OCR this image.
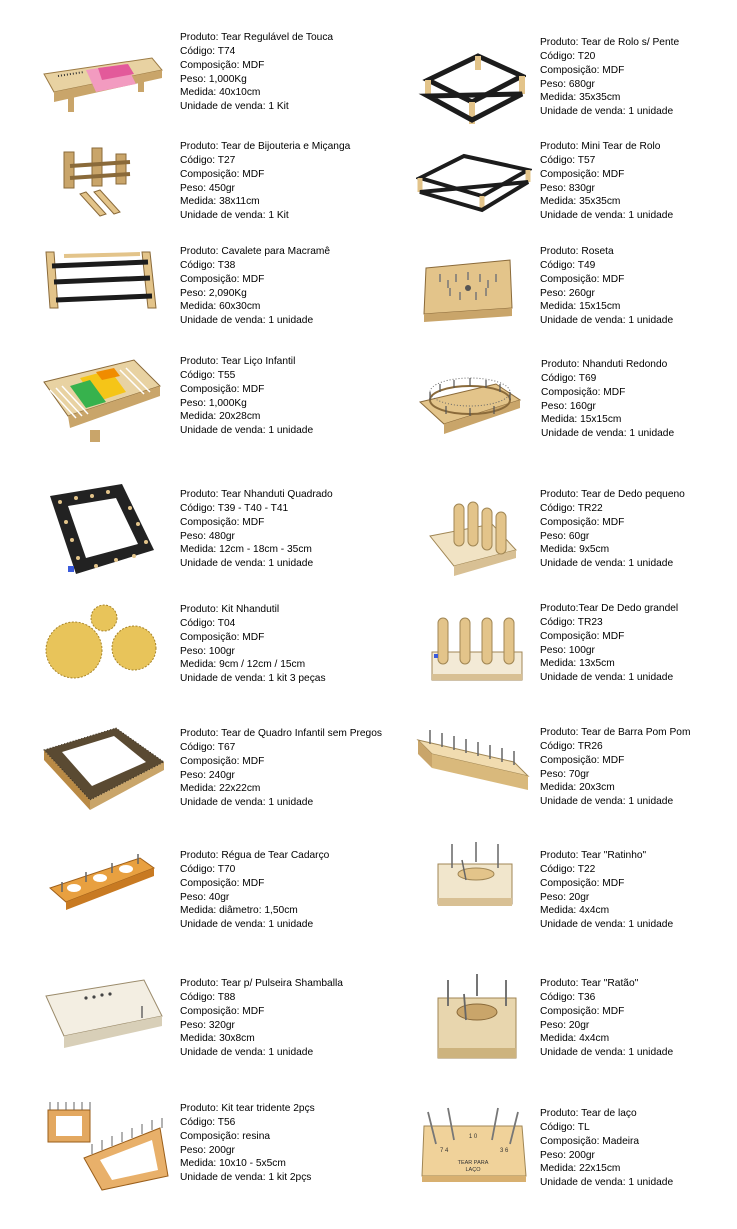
Produto: Tear Regulável de Touca
Código: T74
Composição: MDF
Peso: 1,000Kg
Medida: 40x10cm
Unidade de venda: 1 Kit
Produto: Tear de Rolo s/ Pente
Código: T20
Composição: MDF
Peso: 680gr
Medida: 35x35cm
Unidade de venda: 1 unidade
Produto: Tear de Bijouteria e Miçanga
Código: T27
Composição: MDF
Peso: 450gr
Medida: 38x11cm
Unidade de venda: 1 Kit
Produto: Mini Tear de Rolo
Código: T57
Composição: MDF
Peso: 830gr
Medida: 35x35cm
Unidade de venda: 1 unidade
Produto: Cavalete para Macramê
Código: T38
Composição: MDF
Peso: 2,090Kg
Medida: 60x30cm
Unidade de venda: 1 unidade
Produto: Roseta
Código: T49
Composição: MDF
Peso: 260gr
Medida: 15x15cm
Unidade de venda: 1 unidade
Produto: Tear Liço Infantil
Código: T55
Composição: MDF
Peso: 1,000Kg
Medida: 20x28cm
Unidade de venda: 1 unidade
Produto: Nhanduti Redondo
Código: T69
Composição: MDF
Peso: 160gr
Medida: 15x15cm
Unidade de venda: 1 unidade
Produto: Tear Nhanduti Quadrado
Código: T39 - T40 - T41
Composição: MDF
Peso: 480gr
Medida: 12cm - 18cm - 35cm
Unidade de venda: 1 unidade
Produto: Tear de Dedo pequeno
Código: TR22
Composição: MDF
Peso: 60gr
Medida: 9x5cm
Unidade de venda: 1 unidade
Produto: Kit Nhandutil
Código: T04
Composição: MDF
Peso: 100gr
Medida: 9cm / 12cm / 15cm
Unidade de venda: 1 kit 3 peças
Produto:Tear De Dedo grandel
Código: TR23
Composição: MDF
Peso: 100gr
Medida: 13x5cm
Unidade de venda: 1 unidade
Produto: Tear de Quadro Infantil sem Pregos
Código: T67
Composição: MDF
Peso: 240gr
Medida: 22x22cm
Unidade de venda: 1 unidade
Produto: Tear de Barra Pom Pom
Código: TR26
Composição: MDF
Peso: 70gr
Medida: 20x3cm
Unidade de venda: 1 unidade
Produto: Régua de Tear Cadarço
Código: T70
Composição: MDF
Peso: 40gr
Medida: diâmetro: 1,50cm
Unidade de venda: 1 unidade
Produto: Tear "Ratinho"
Código: T22
Composição: MDF
Peso: 20gr
Medida: 4x4cm
Unidade de venda: 1 unidade
Produto: Tear p/ Pulseira Shamballa
Código: T88
Composição: MDF
Peso: 320gr
Medida: 30x8cm
Unidade de venda: 1 unidade
Produto: Tear "Ratão"
Código: T36
Composição: MDF
Peso: 20gr
Medida: 4x4cm
Unidade de venda: 1 unidade
Produto: Kit tear tridente 2pçs
Código: T56
Composição: resina
Peso: 200gr
Medida: 10x10 - 5x5cm
Unidade de venda: 1 kit 2pçs
1 0
7 4	3 6
TEAR PARA
LAÇO
Produto: Tear de laço
Código: TL
Composição: Madeira
Peso: 200gr
Medida: 22x15cm
Unidade de venda: 1 unidade
